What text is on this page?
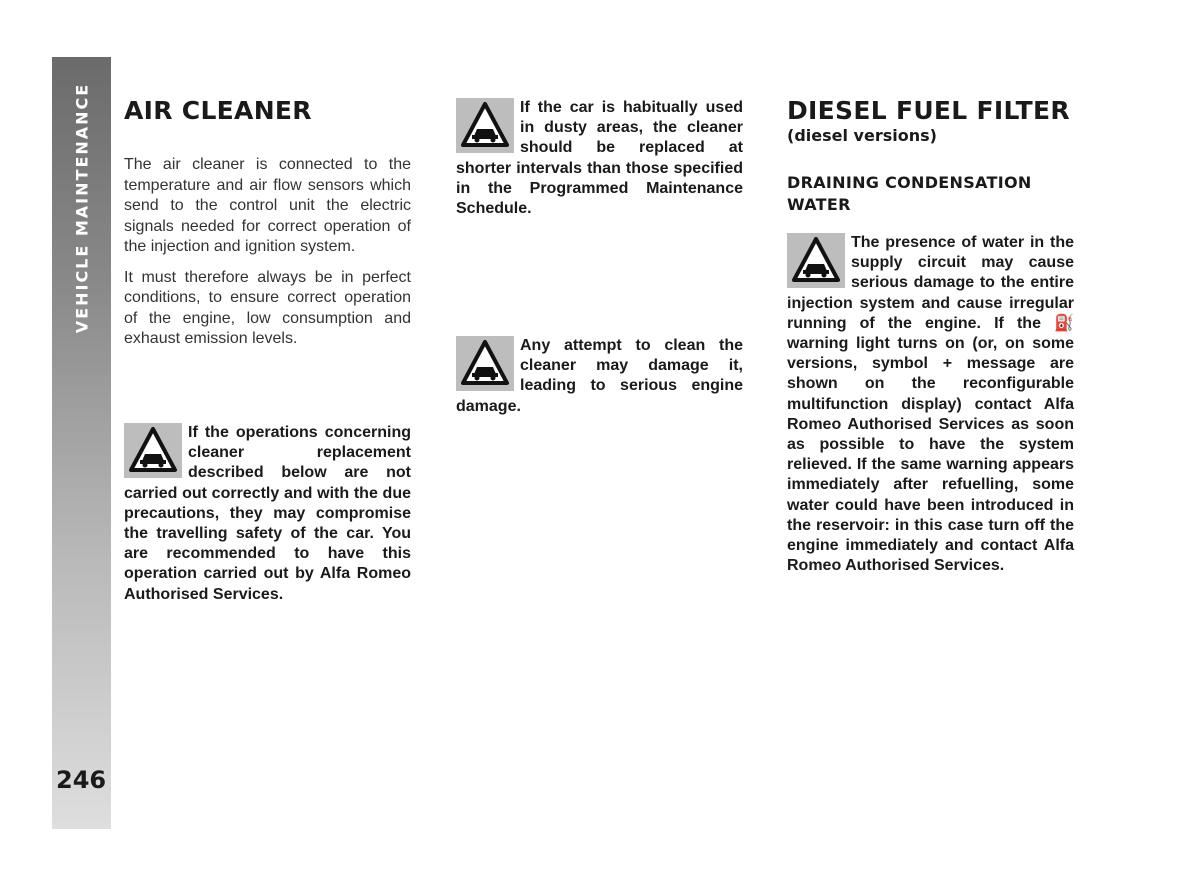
VEHICLE MAINTENANCE
246
AIR CLEANER

The air cleaner is connected to the temperature and air flow sensors which send to the control unit the electric signals needed for correct operation of the injection and ignition system.

It must therefore always be in perfect conditions, to ensure correct operation of the engine, low consumption and exhaust emission levels.

If the operations concerning cleaner replacement described below are not carried out correctly and with the due precautions, they may compromise the travelling safety of the car. You are recommended to have this operation carried out by Alfa Romeo Authorised Services.
If the car is habitually used in dusty areas, the cleaner should be replaced at shorter intervals than those specified in the Programmed Maintenance Schedule.
Any attempt to clean the cleaner may damage it, leading to serious engine damage.
DIESEL FUEL FILTER
(diesel versions)
DRAINING CONDENSATION WATER
The presence of water in the supply circuit may cause serious damage to the entire injection system and cause irregular running of the engine. If the ⛽ warning light turns on (or, on some versions, symbol + message are shown on the reconfigurable multifunction display) contact Alfa Romeo Authorised Services as soon as possible to have the system relieved. If the same warning appears immediately after refuelling, some water could have been introduced in the reservoir: in this case turn off the engine immediately and contact Alfa Romeo Authorised Services.
